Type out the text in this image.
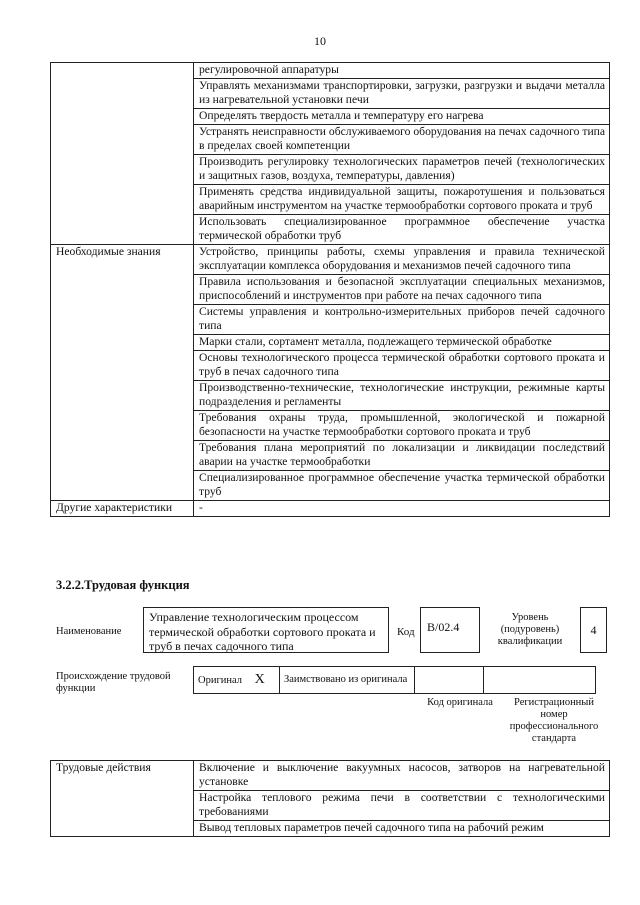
10
	регулировочной аппаратуры
	Управлять механизмами транспортировки, загрузки, разгрузки и выдачи металла из нагревательной установки печи
	Определять твердость металла и температуру его нагрева
	Устранять неисправности обслуживаемого оборудования на печах садочного типа в пределах своей компетенции
	Производить регулировку технологических параметров печей (технологических и защитных газов, воздуха, температуры, давления)
	Применять средства индивидуальной защиты, пожаротушения и пользоваться аварийным инструментом на участке термообработки сортового проката и труб
	Использовать специализированное программное обеспечение участка термической обработки труб
Необходимые знания	Устройство, принципы работы, схемы управления и правила технической эксплуатации комплекса оборудования и механизмов печей садочного типа
	Правила использования и безопасной эксплуатации специальных механизмов, приспособлений и инструментов при работе на печах садочного типа
	Системы управления и контрольно-измерительных приборов печей садочного типа
	Марки стали, сортамент металла, подлежащего термической обработке
	Основы технологического процесса термической обработки сортового проката и труб в печах садочного типа
	Производственно-технические, технологические инструкции, режимные карты подразделения и регламенты
	Требования охраны труда, промышленной, экологической и пожарной безопасности на участке термообработки сортового проката и труб
	Требования плана мероприятий по локализации и ликвидации последствий аварии на участке термообработки
	Специализированное программное обеспечение участка термической обработки труб
Другие характеристики	-
3.2.2.Трудовая функция
Наименование
Управление технологическим процессом термической обработки сортового проката и труб в печах садочного типа
Код	B/02.4
Уровень (подуровень) квалификации
4
Происхождение трудовой функции
Оригинал X	Заимствовано из оригинала		
Код оригинала	Регистрационный номер профессионального стандарта
Трудовые действия	Включение и выключение вакуумных насосов, затворов на нагревательной установке
Настройка теплового режима печи в соответствии с технологическими требованиями
Вывод тепловых параметров печей садочного типа на рабочий режим
